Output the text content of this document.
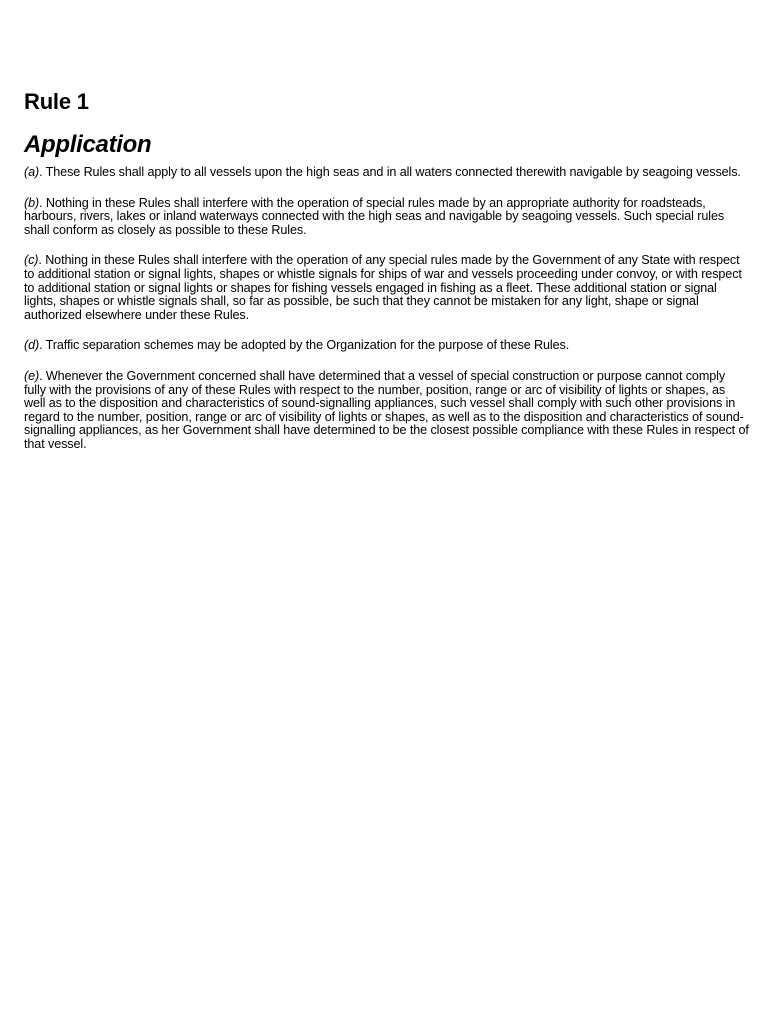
Rule 1
Application

(a). These Rules shall apply to all vessels upon the high seas and in all waters connected therewith navigable by seagoing vessels.

(b). Nothing in these Rules shall interfere with the operation of special rules made by an appropriate authority for roadsteads, harbours, rivers, lakes or inland waterways connected with the high seas and navigable by seagoing vessels. Such special rules shall conform as closely as possible to these Rules.

(c). Nothing in these Rules shall interfere with the operation of any special rules made by the Government of any State with respect to additional station or signal lights, shapes or whistle signals for ships of war and vessels proceeding under convoy, or with respect to additional station or signal lights or shapes for fishing vessels engaged in fishing as a fleet. These additional station or signal lights, shapes or whistle signals shall, so far as possible, be such that they cannot be mistaken for any light, shape or signal authorized elsewhere under these Rules.

(d). Traffic separation schemes may be adopted by the Organization for the purpose of these Rules.

(e). Whenever the Government concerned shall have determined that a vessel of special construction or purpose cannot comply fully with the provisions of any of these Rules with respect to the number, position, range or arc of visibility of lights or shapes, as well as to the disposition and characteristics of sound-signalling appliances, such vessel shall comply with such other provisions in regard to the number, position, range or arc of visibility of lights or shapes, as well as to the disposition and characteristics of sound-signalling appliances, as her Government shall have determined to be the closest possible compliance with these Rules in respect of that vessel.
